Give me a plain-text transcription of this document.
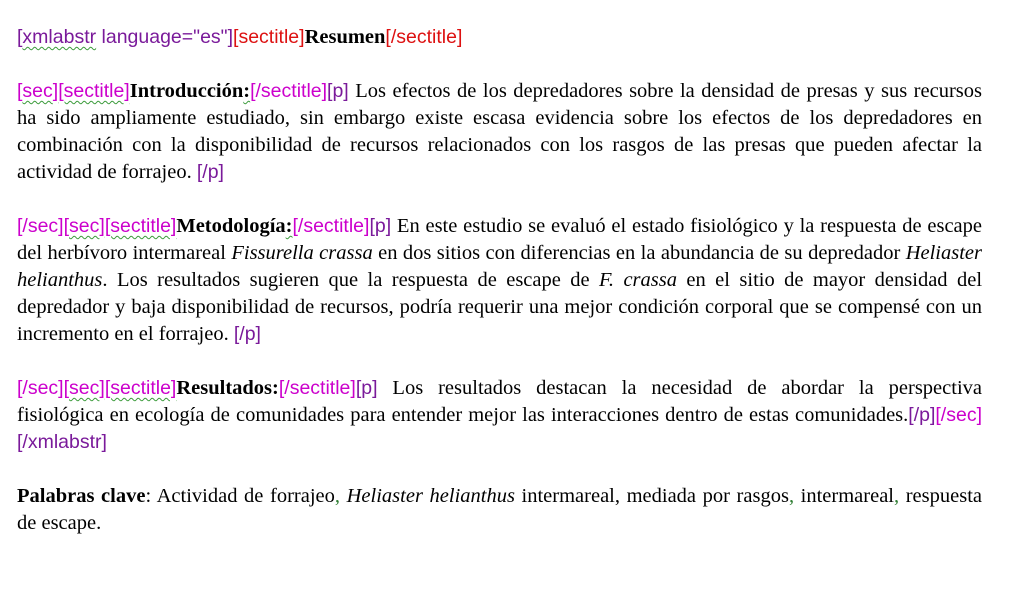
[xmlabstr language="es"][sectitle]Resumen[/sectitle]

[sec][sectitle]Introducción:[/sectitle][p] Los efectos de los depredadores sobre la densidad de presas y sus recursos ha sido ampliamente estudiado, sin embargo existe escasa evidencia sobre los efectos de los depredadores en combinación con la disponibilidad de recursos relacionados con los rasgos de las presas que pueden afectar la actividad de forrajeo. [/p]

[/sec][sec][sectitle]Metodología:[/sectitle][p] En este estudio se evaluó el estado fisiológico y la respuesta de escape del herbívoro intermareal Fissurella crassa en dos sitios con diferencias en la abundancia de su depredador Heliaster helianthus. Los resultados sugieren que la respuesta de escape de F. crassa en el sitio de mayor densidad del depredador y baja disponibilidad de recursos, podría requerir una mejor condición corporal que se compensé con un incremento en el forrajeo. [/p]

[/sec][sec][sectitle]Resultados:[/sectitle][p] Los resultados destacan la necesidad de abordar la perspectiva fisiológica en ecología de comunidades para entender mejor las interacciones dentro de estas comunidades.[/p][/sec][/xmlabstr]

Palabras clave: Actividad de forrajeo, Heliaster helianthus intermareal, mediada por rasgos, intermareal, respuesta de escape.
